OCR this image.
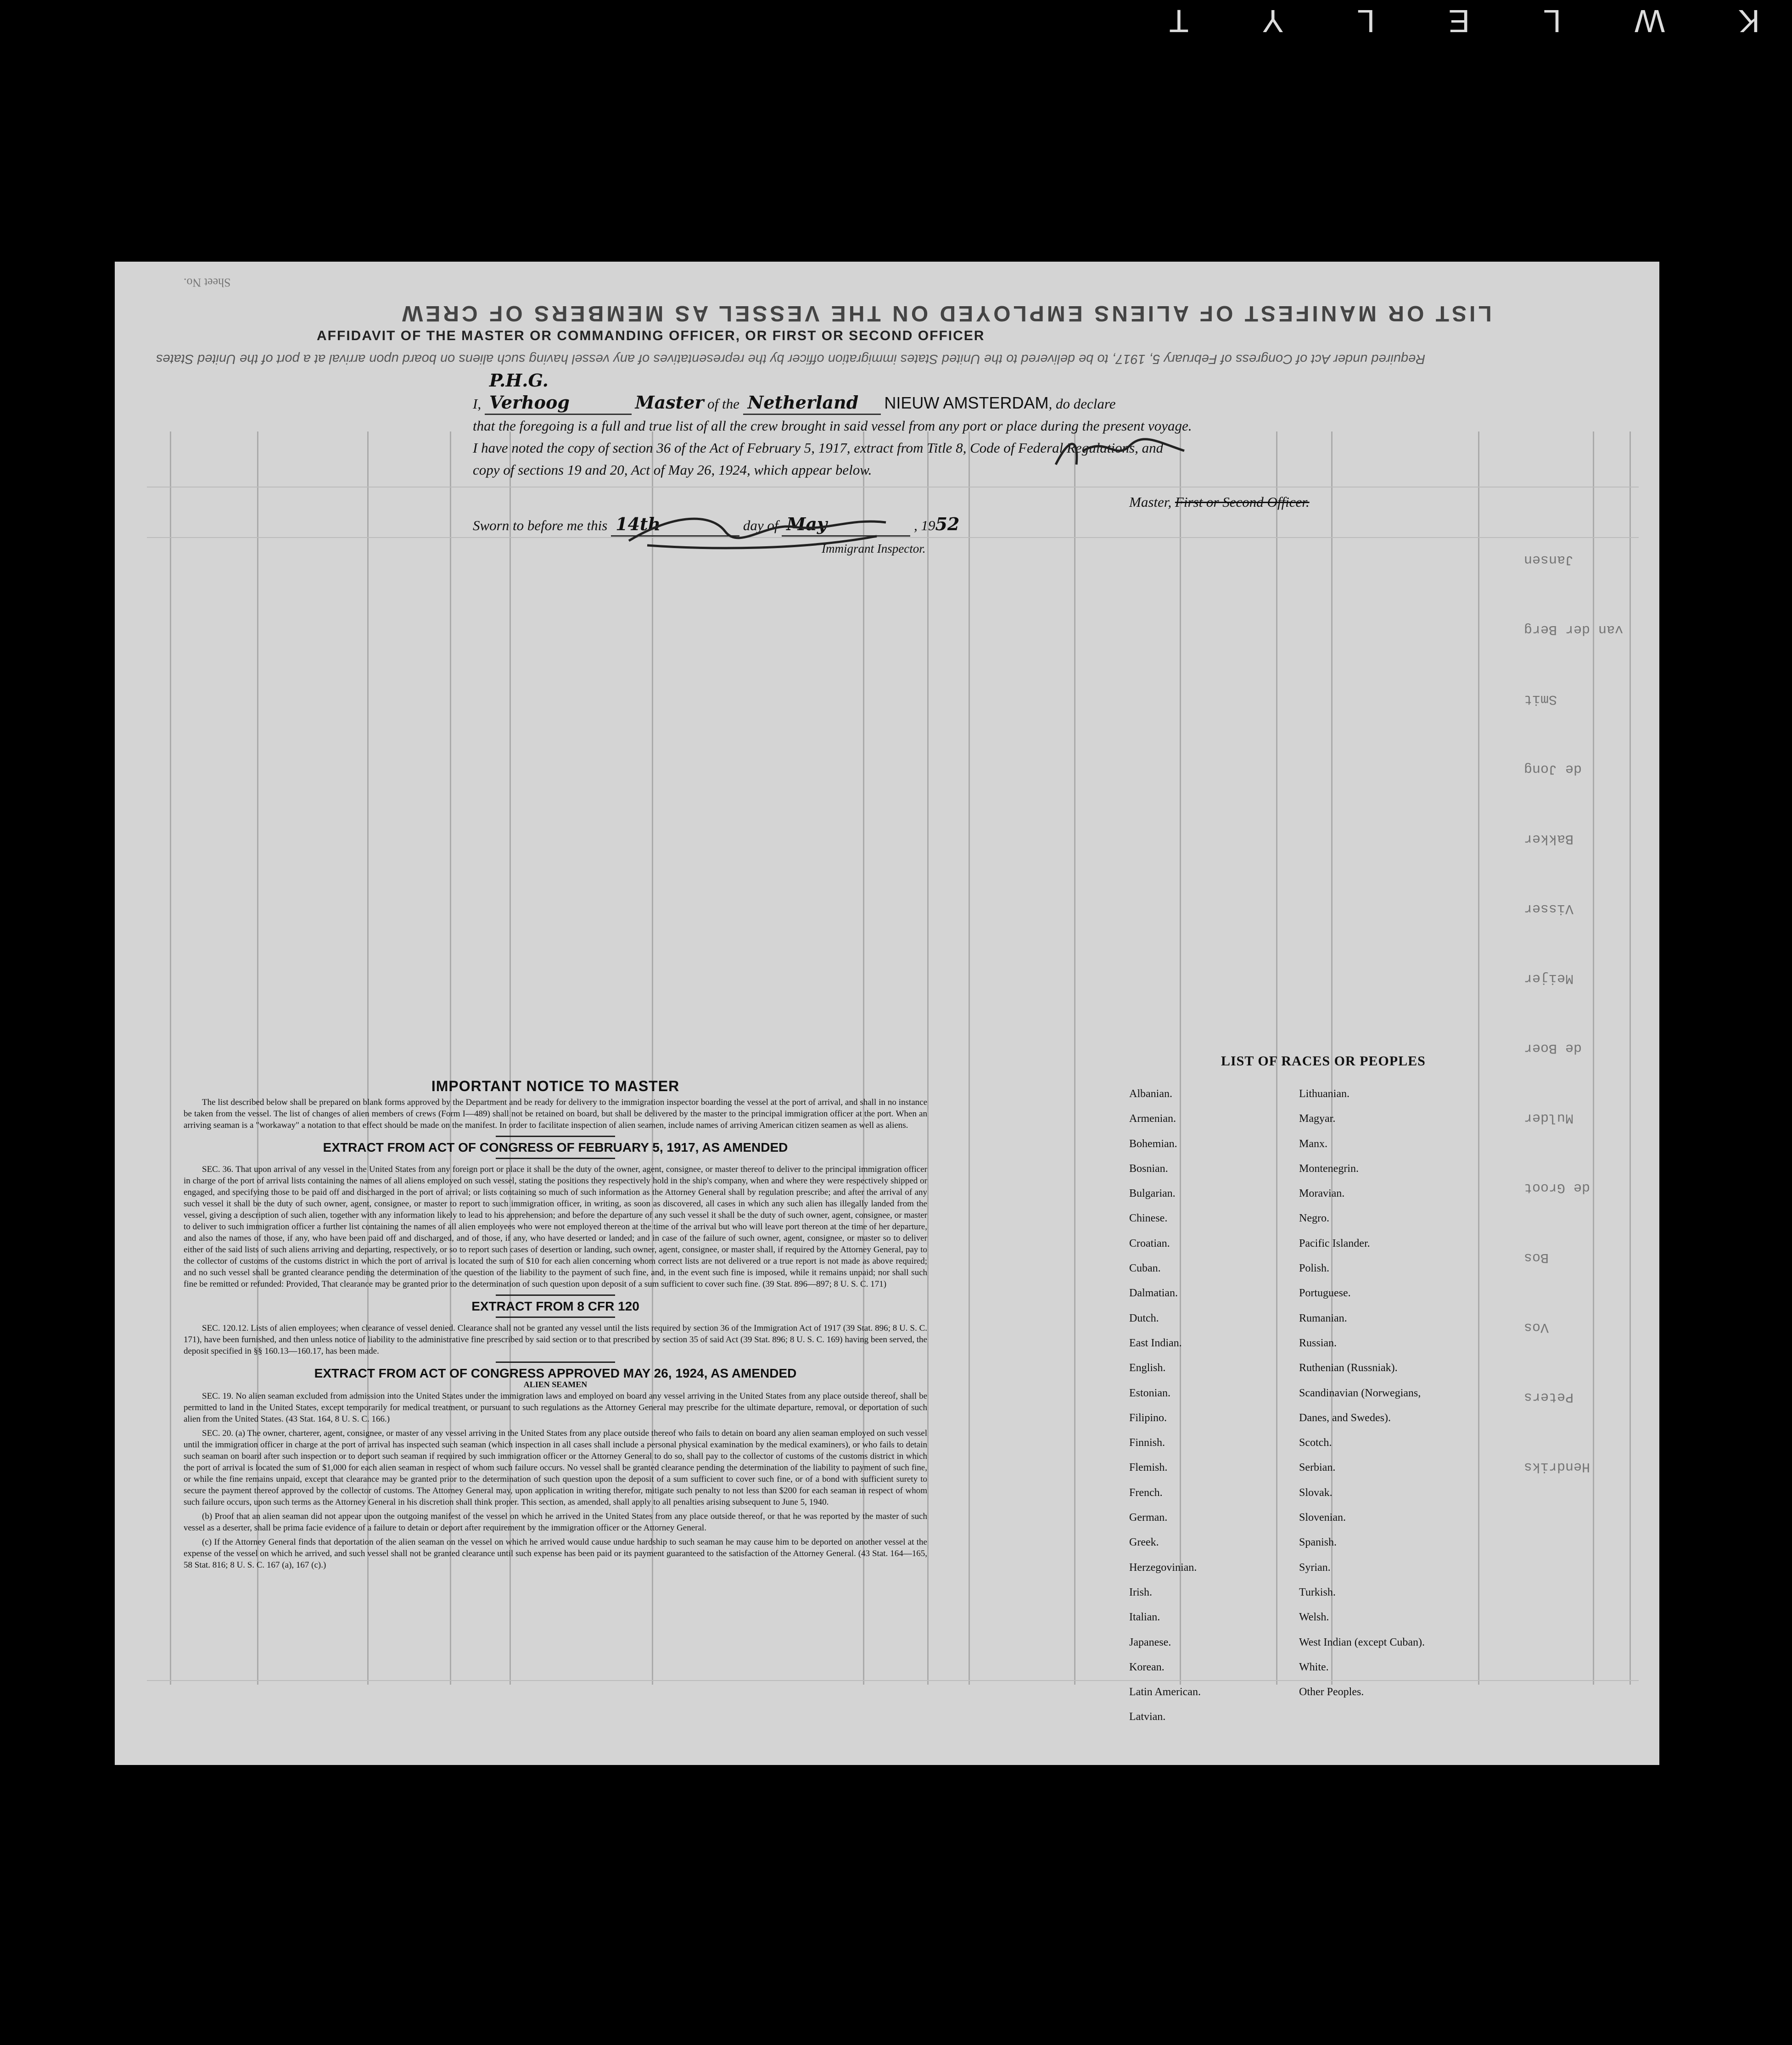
K
W
L
E
L
Y
T
LIST OR MANIFEST OF ALIENS EMPLOYED ON THE VESSEL AS MEMBERS OF CREW
Required under Act of Congress of February 5, 1917, to be delivered to the United States immigration officer by the representatives of any vessel having such aliens on board upon arrival at a port of the United States
Sheet No.
AFFIDAVIT OF THE MASTER OR COMMANDING OFFICER, OR FIRST OR SECOND OFFICER
Jansen
van der Berg
Smit
de Jong
Bakker
Visser
Meijer
de Boer
Mulder
de Groot
Bos
Vos
Peters
Hendriks
I, P.H.G. Verhoog	Master of the Netherland NIEUW AMSTERDAM, do declare
that the foregoing is a full and true list of all the crew brought in said vessel from any port or place during the present voyage.
I have noted the copy of section 36 of the Act of February 5, 1917, extract from Title 8, Code of Federal Regulations, and
copy of sections 19 and 20, Act of May 26, 1924, which appear below.
Master, First or Second Officer.
Sworn to before me this 14th	day of May	, 1952
Immigrant Inspector.
IMPORTANT NOTICE TO MASTER

The list described below shall be prepared on blank forms approved by the Department and be ready for delivery to the immigration inspector boarding the vessel at the port of arrival, and shall in no instance be taken from the vessel. The list of changes of alien members of crews (Form I—489) shall not be retained on board, but shall be delivered by the master to the principal immigration officer at the port. When an arriving seaman is a "workaway" a notation to that effect should be made on the manifest. In order to facilitate inspection of alien seamen, include names of arriving American citizen seamen as well as aliens.

EXTRACT FROM ACT OF CONGRESS OF FEBRUARY 5, 1917, AS AMENDED

SEC. 36. That upon arrival of any vessel in the United States from any foreign port or place it shall be the duty of the owner, agent, consignee, or master thereof to deliver to the principal immigration officer in charge of the port of arrival lists containing the names of all aliens employed on such vessel, stating the positions they respectively hold in the ship's company, when and where they were respectively shipped or engaged, and specifying those to be paid off and discharged in the port of arrival; or lists containing so much of such information as the Attorney General shall by regulation prescribe; and after the arrival of any such vessel it shall be the duty of such owner, agent, consignee, or master to report to such immigration officer, in writing, as soon as discovered, all cases in which any such alien has illegally landed from the vessel, giving a description of such alien, together with any information likely to lead to his apprehension; and before the departure of any such vessel it shall be the duty of such owner, agent, consignee, or master to deliver to such immigration officer a further list containing the names of all alien employees who were not employed thereon at the time of the arrival but who will leave port thereon at the time of her departure, and also the names of those, if any, who have been paid off and discharged, and of those, if any, who have deserted or landed; and in case of the failure of such owner, agent, consignee, or master so to deliver either of the said lists of such aliens arriving and departing, respectively, or so to report such cases of desertion or landing, such owner, agent, consignee, or master shall, if required by the Attorney General, pay to the collector of customs of the customs district in which the port of arrival is located the sum of $10 for each alien concerning whom correct lists are not delivered or a true report is not made as above required; and no such vessel shall be granted clearance pending the determination of the question of the liability to the payment of such fine, and, in the event such fine is imposed, while it remains unpaid; nor shall such fine be remitted or refunded: Provided, That clearance may be granted prior to the determination of such question upon deposit of a sum sufficient to cover such fine. (39 Stat. 896—897; 8 U. S. C. 171)

EXTRACT FROM 8 CFR 120

SEC. 120.12. Lists of alien employees; when clearance of vessel denied. Clearance shall not be granted any vessel until the lists required by section 36 of the Immigration Act of 1917 (39 Stat. 896; 8 U. S. C. 171), have been furnished, and then unless notice of liability to the administrative fine prescribed by said section or to that prescribed by section 35 of said Act (39 Stat. 896; 8 U. S. C. 169) having been served, the deposit specified in §§ 160.13—160.17, has been made.

EXTRACT FROM ACT OF CONGRESS APPROVED MAY 26, 1924, AS AMENDED
ALIEN SEAMEN

SEC. 19. No alien seaman excluded from admission into the United States under the immigration laws and employed on board any vessel arriving in the United States from any place outside thereof, shall be permitted to land in the United States, except temporarily for medical treatment, or pursuant to such regulations as the Attorney General may prescribe for the ultimate departure, removal, or deportation of such alien from the United States. (43 Stat. 164, 8 U. S. C. 166.)

SEC. 20. (a) The owner, charterer, agent, consignee, or master of any vessel arriving in the United States from any place outside thereof who fails to detain on board any alien seaman employed on such vessel until the immigration officer in charge at the port of arrival has inspected such seaman (which inspection in all cases shall include a personal physical examination by the medical examiners), or who fails to detain such seaman on board after such inspection or to deport such seaman if required by such immigration officer or the Attorney General to do so, shall pay to the collector of customs of the customs district in which the port of arrival is located the sum of $1,000 for each alien seaman in respect of whom such failure occurs. No vessel shall be granted clearance pending the determination of the liability to payment of such fine, or while the fine remains unpaid, except that clearance may be granted prior to the determination of such question upon the deposit of a sum sufficient to cover such fine, or of a bond with sufficient surety to secure the payment thereof approved by the collector of customs. The Attorney General may, upon application in writing therefor, mitigate such penalty to not less than $200 for each seaman in respect of whom such failure occurs, upon such terms as the Attorney General in his discretion shall think proper. This section, as amended, shall apply to all penalties arising subsequent to June 5, 1940.

(b) Proof that an alien seaman did not appear upon the outgoing manifest of the vessel on which he arrived in the United States from any place outside thereof, or that he was reported by the master of such vessel as a deserter, shall be prima facie evidence of a failure to detain or deport after requirement by the immigration officer or the Attorney General.

(c) If the Attorney General finds that deportation of the alien seaman on the vessel on which he arrived would cause undue hardship to such seaman he may cause him to be deported on another vessel at the expense of the vessel on which he arrived, and such vessel shall not be granted clearance until such expense has been paid or its payment guaranteed to the satisfaction of the Attorney General. (43 Stat. 164—165, 58 Stat. 816; 8 U. S. C. 167 (a), 167 (c).)

LIST OF RACES OR PEOPLES
Albanian.
Armenian.
Bohemian.
Bosnian.
Bulgarian.
Chinese.
Croatian.
Cuban.
Dalmatian.
Dutch.
East Indian.
English.
Estonian.
Filipino.
Finnish.
Flemish.
French.
German.
Greek.
Herzegovinian.
Irish.
Italian.
Japanese.
Korean.
Latin American.
Latvian.
Lithuanian.
Magyar.
Manx.
Montenegrin.
Moravian.
Negro.
Pacific Islander.
Polish.
Portuguese.
Rumanian.
Russian.
Ruthenian (Russniak).
Scandinavian (Norwegians,
Danes, and Swedes).
Scotch.
Serbian.
Slovak.
Slovenian.
Spanish.
Syrian.
Turkish.
Welsh.
West Indian (except Cuban).
White.
Other Peoples.
